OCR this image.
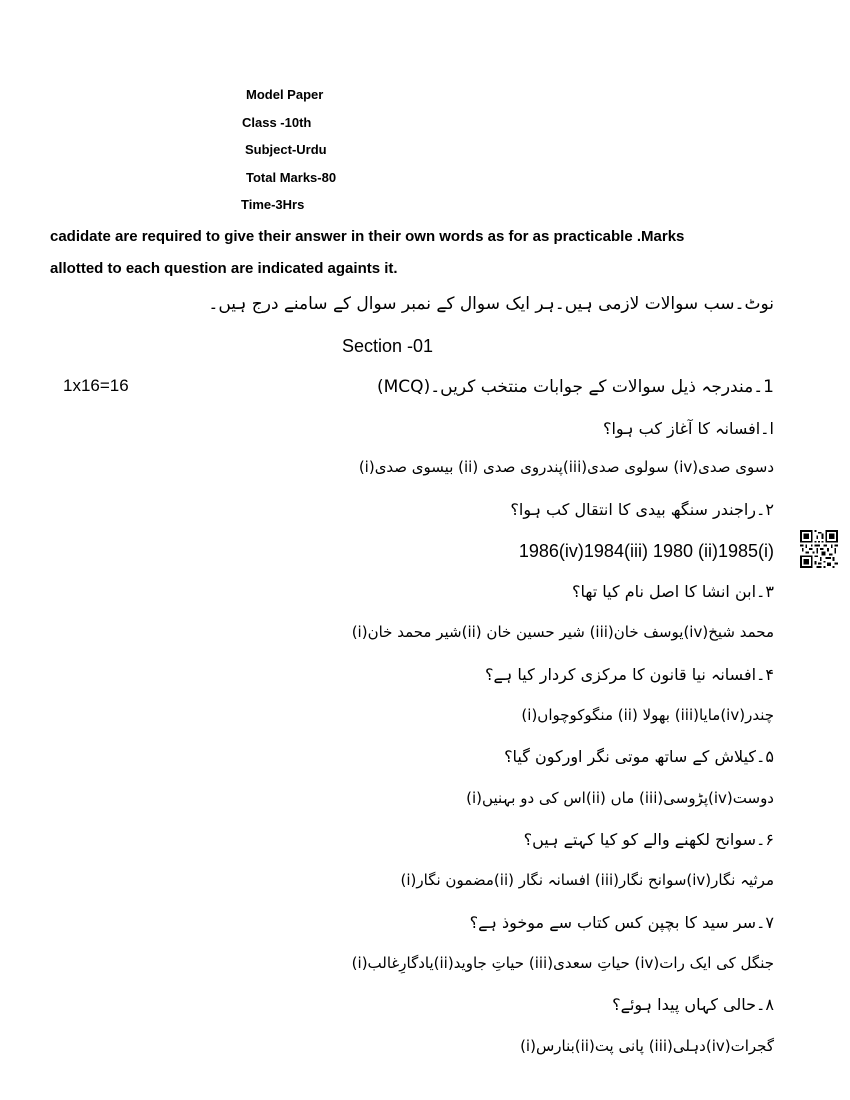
Model Paper
Class -10th
Subject-Urdu
Total Marks-80
Time-3Hrs
cadidate are required to give their answer in their own words as for as practicable .Marks
allotted to each question are indicated againts it.
نوٹ۔سب سوالات لازمی ہیں۔ہر ایک سوال کے نمبر سوال کے سامنے درج ہیں۔
Section -01
1x16=16	1۔مندرجہ ذیل سوالات کے جوابات منتخب کریں۔(MCQ)
ا۔افسانہ کا آغاز کب ہوا؟
(i)بیسوی صدی (ii) پندروی صدی(iii)سولوی صدی (iv)دسوی صدی
۲۔راجندر سنگھ بیدی کا انتقال کب ہوا؟
1986(iv)1984(iii) 1980 (ii)1985(i)
۳۔ابن انشا کا اصل نام کیا تھا؟
(i)شیر محمد خان(ii) شیر حسین خان (iii)یوسف خان(iv)محمد شیخ
۴۔افسانہ نیا قانون کا مرکزی کردار کیا ہے؟
(i)منگوکوچواں (ii) بھولا (iii)مایا(iv)چندر
۵۔کیلاش کے ساتھ موتی نگر اورکون گیا؟
(i)اس کی دو بہنیں(ii) ماں (iii)پڑوسی(iv)دوست
۶۔سوانح لکھنے والے کو کیا کہتے ہیں؟
(i)مضمون نگار(ii) افسانہ نگار (iii)سوانح نگار(iv)مرثیہ نگار
۷۔سر سید کا بچپن کس کتاب سے موخوذ ہے؟
(i)یادگارِغالب(ii)حیاتِ جاوید (iii)حیاتِ سعدی (iv)جنگل کی ایک رات
۸۔حالی کہاں پیدا ہوئے؟
(i)بنارس(ii)پانی پت (iii)دہلی(iv)گجرات
